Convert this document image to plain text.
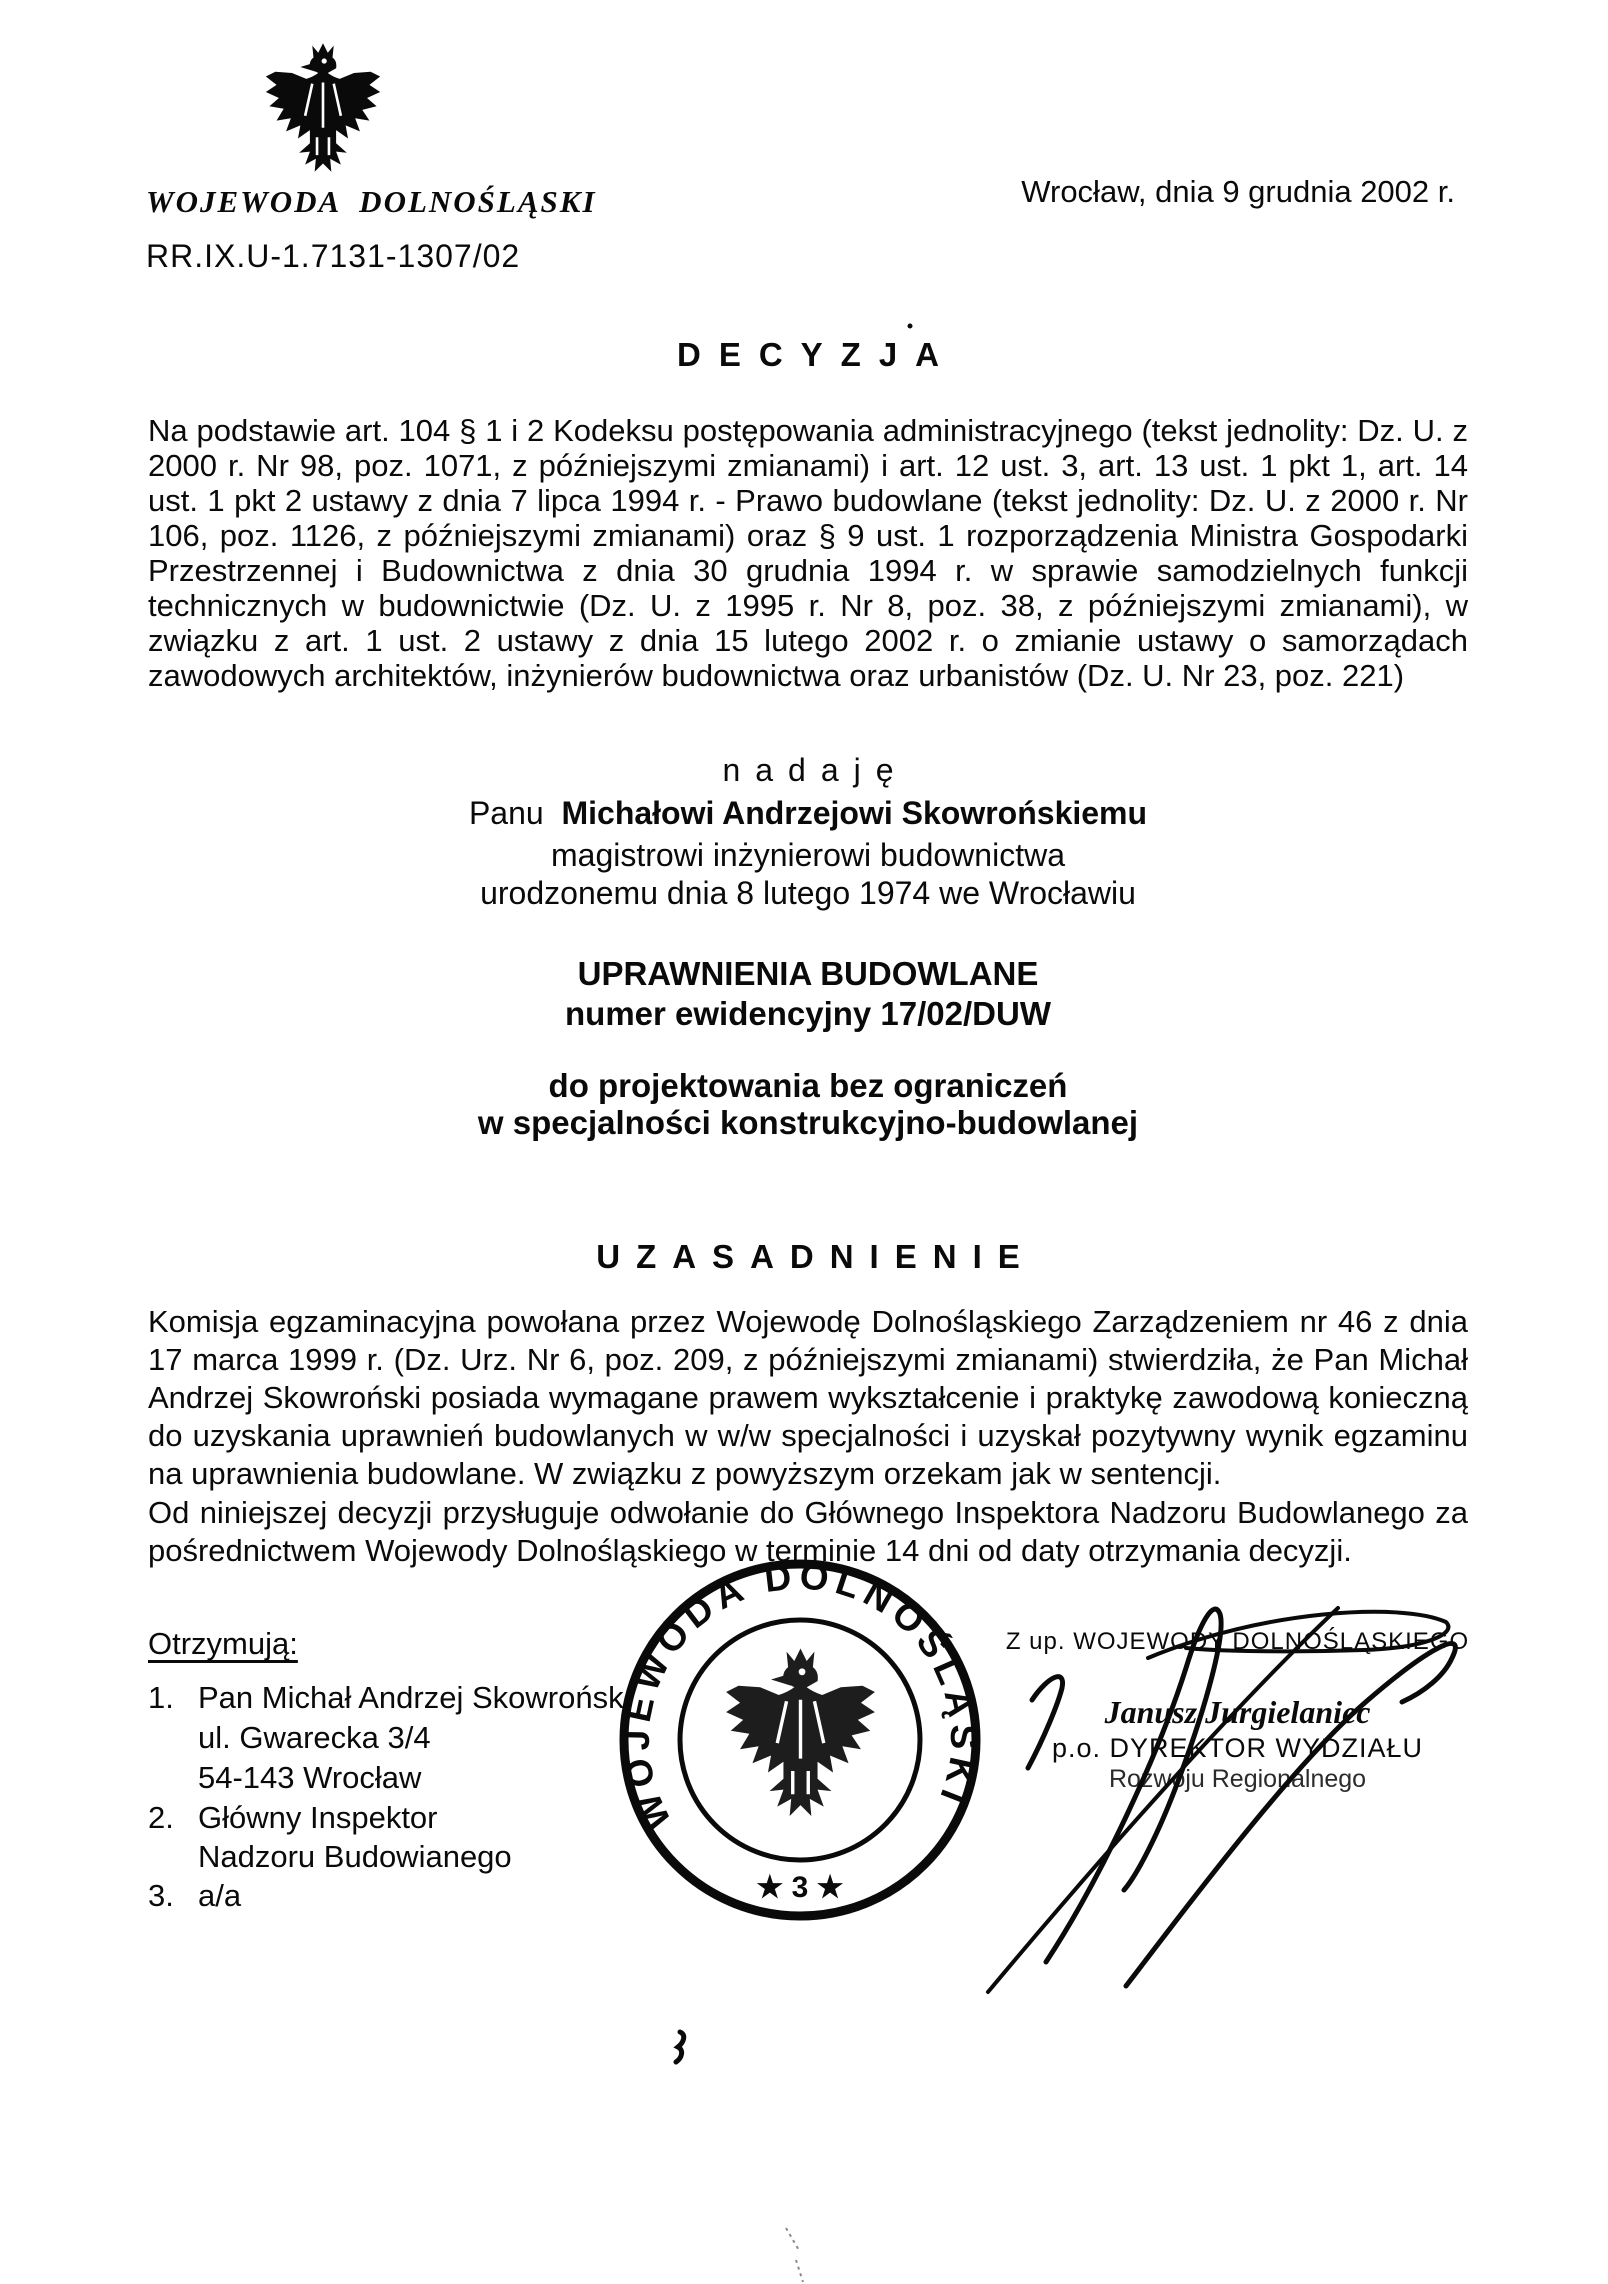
WOJEWODA DOLNOŚLĄSKI
RR.IX.U-1.7131-1307/02
Wrocław, dnia 9 grudnia 2002 r.
DECYZJA
Na podstawie art. 104 § 1 i 2 Kodeksu postępowania administracyjnego (tekst jednolity: Dz. U. z 2000 r. Nr 98, poz. 1071, z późniejszymi zmianami) i art. 12 ust. 3, art. 13 ust. 1 pkt 1, art. 14 ust. 1 pkt 2 ustawy z dnia 7 lipca 1994 r. - Prawo budowlane (tekst jednolity: Dz. U. z 2000 r. Nr 106, poz. 1126, z późniejszymi zmianami) oraz § 9 ust. 1 rozporządzenia Ministra Gospodarki Przestrzennej i Budownictwa z dnia 30 grudnia 1994 r. w sprawie samodzielnych funkcji technicznych w budownictwie (Dz. U. z 1995 r. Nr 8, poz. 38, z późniejszymi zmianami), w związku z art. 1 ust. 2 ustawy z dnia 15 lutego 2002 r. o zmianie ustawy o samorządach zawodowych architektów, inżynierów budownictwa oraz urbanistów (Dz. U. Nr 23, poz. 221)
nadaję
Panu Michałowi Andrzejowi Skowrońskiemu
magistrowi inżynierowi budownictwa
urodzonemu dnia 8 lutego 1974 we Wrocławiu
UPRAWNIENIA BUDOWLANE
numer ewidencyjny 17/02/DUW
do projektowania bez ograniczeń
w specjalności konstrukcyjno-budowlanej
UZASADNIENIE
Komisja egzaminacyjna powołana przez Wojewodę Dolnośląskiego Zarządzeniem nr 46 z dnia 17 marca 1999 r. (Dz. Urz. Nr 6, poz. 209, z późniejszymi zmianami) stwierdziła, że Pan Michał Andrzej Skowroński posiada wymagane prawem wykształcenie i praktykę zawodową konieczną do uzyskania uprawnień budowlanych w w/w specjalności i uzyskał pozytywny wynik egzaminu na uprawnienia budowlane. W związku z powyższym orzekam jak w sentencji.
Od niniejszej decyzji przysługuje odwołanie do Głównego Inspektora Nadzoru Budowlanego za pośrednictwem Wojewody Dolnośląskiego w terminie 14 dni od daty otrzymania decyzji.
Otrzymują:
1. Pan Michał Andrzej Skowrońsk
ul. Gwarecka 3/4
54-143 Wrocław
2. Główny Inspektor
Nadzoru Budowianego
3. a/a
Z up. WOJEWODY DOLNOŚLĄSKIEGO
Janusz Jurgielaniec
p.o. DYREKTOR WYDZIAŁU
Rozwoju Regionalnego
WOJEWODA DOLNOŚLĄSKI
★ 3 ★
